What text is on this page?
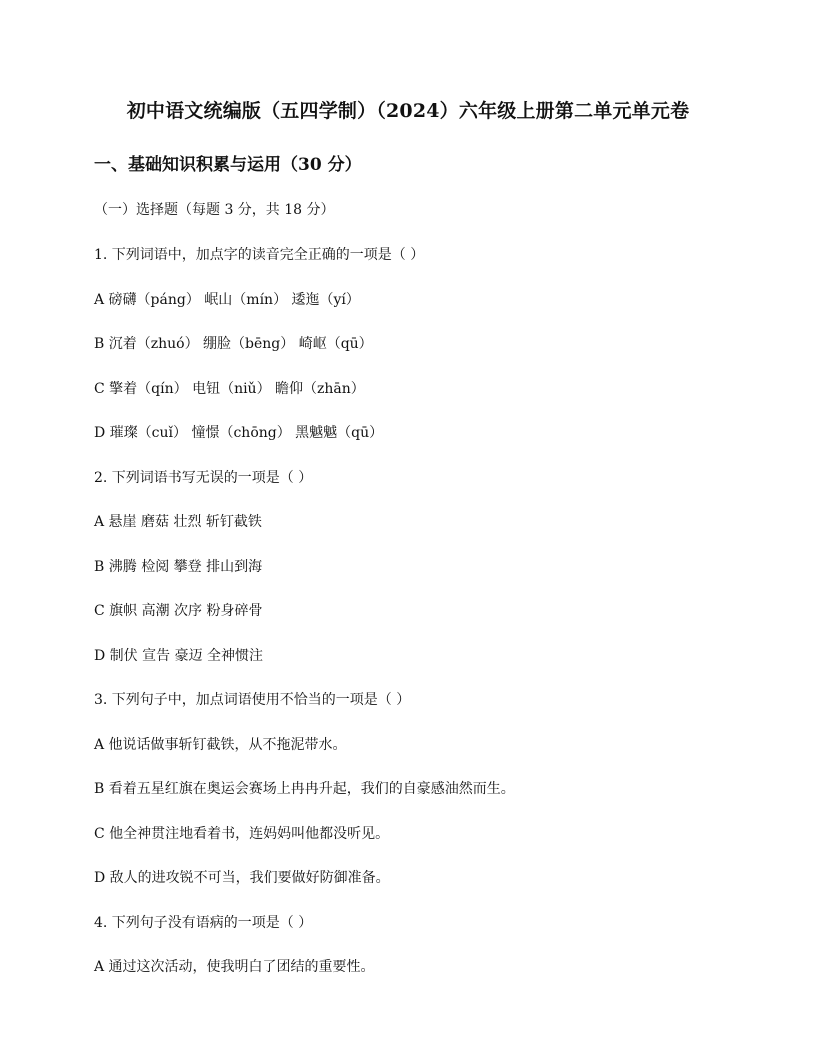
初中语文统编版（五四学制）（2024）六年级上册第二单元单元卷
一、基础知识积累与运用（30 分）
（一）选择题（每题 3 分，共 18 分）
1. 下列词语中，加点字的读音完全正确的一项是（ ）
A 磅礴（páng） 岷山（mín） 逶迤（yí）
B 沉着（zhuó） 绷脸（bēng） 崎岖（qū）
C 擎着（qín） 电钮（niǔ） 瞻仰（zhān）
D 璀璨（cuǐ） 憧憬（chōng） 黑魆魆（qū）
2. 下列词语书写无误的一项是（ ）
A 悬崖 磨菇 壮烈 斩钉截铁
B 沸腾 检阅 攀登 排山到海
C 旗帜 高潮 次序 粉身碎骨
D 制伏 宣告 豪迈 全神惯注
3. 下列句子中，加点词语使用不恰当的一项是（ ）
A 他说话做事斩钉截铁，从不拖泥带水。
B 看着五星红旗在奥运会赛场上冉冉升起，我们的自豪感油然而生。
C 他全神贯注地看着书，连妈妈叫他都没听见。
D 敌人的进攻锐不可当，我们要做好防御准备。
4. 下列句子没有语病的一项是（ ）
A 通过这次活动，使我明白了团结的重要性。
